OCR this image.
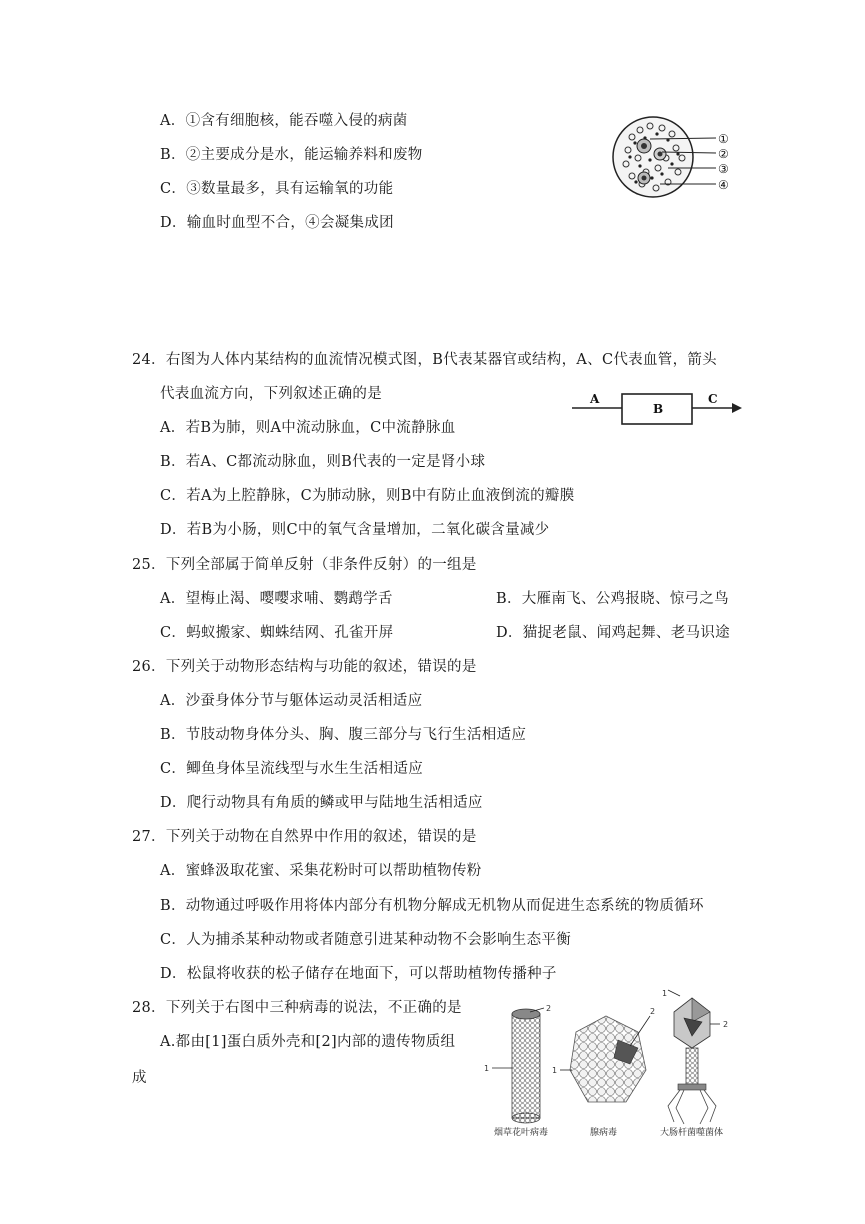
A．①含有细胞核，能吞噬入侵的病菌
B．②主要成分是水，能运输养料和废物
C．③数量最多，具有运输氧的功能
D．输血时血型不合，④会凝集成团
①
②
③
④
24．右图为人体内某结构的血流情况模式图，B代表某器官或结构，A、C代表血管，箭头
代表血流方向，下列叙述正确的是	A
B
C
A．若B为肺，则A中流动脉血，C中流静脉血
B．若A、C都流动脉血，则B代表的一定是肾小球
C．若A为上腔静脉，C为肺动脉，则B中有防止血液倒流的瓣膜
D．若B为小肠，则C中的氧气含量增加，二氧化碳含量减少
25．下列全部属于简单反射（非条件反射）的一组是
A．望梅止渴、嘤嘤求哺、鹦鹉学舌	B．大雁南飞、公鸡报晓、惊弓之鸟
C．蚂蚁搬家、蜘蛛结网、孔雀开屏	D．猫捉老鼠、闻鸡起舞、老马识途
26．下列关于动物形态结构与功能的叙述，错误的是
A．沙蚕身体分节与躯体运动灵活相适应
B．节肢动物身体分头、胸、腹三部分与飞行生活相适应
C．鲫鱼身体呈流线型与水生生活相适应
D．爬行动物具有角质的鳞或甲与陆地生活相适应
27．下列关于动物在自然界中作用的叙述，错误的是
A．蜜蜂汲取花蜜、采集花粉时可以帮助植物传粉
B．动物通过呼吸作用将体内部分有机物分解成无机物从而促进生态系统的物质循环
C．人为捕杀某种动物或者随意引进某种动物不会影响生态平衡
D．松鼠将收获的松子储存在地面下，可以帮助植物传播种子
28．下列关于右图中三种病毒的说法，不正确的是
A.都由[1]蛋白质外壳和[2]内部的遗传物质组
成
2
1
2
1
1
2
烟草花叶病毒	腺病毒	大肠杆菌噬菌体
